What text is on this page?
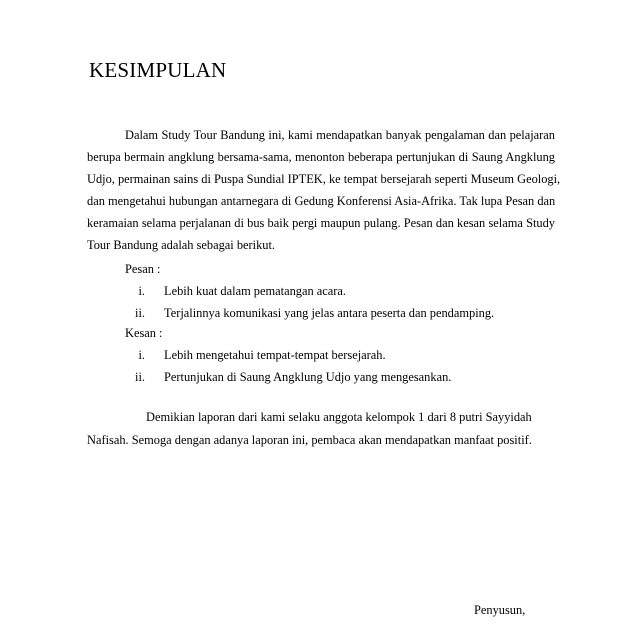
KESIMPULAN
Dalam Study Tour Bandung ini, kami mendapatkan banyak pengalaman dan pelajaran
berupa bermain angklung bersama-sama, menonton beberapa pertunjukan di Saung Angklung
Udjo, permainan sains di Puspa Sundial IPTEK, ke tempat bersejarah seperti Museum Geologi,
dan mengetahui hubungan antarnegara di Gedung Konferensi Asia-Afrika. Tak lupa Pesan dan
keramaian selama perjalanan di bus baik pergi maupun pulang. Pesan dan kesan selama Study
Tour Bandung adalah sebagai berikut.
Pesan :
i. Lebih kuat dalam pematangan acara.
ii. Terjalinnya komunikasi yang jelas antara peserta dan pendamping.
Kesan :
i. Lebih mengetahui tempat-tempat bersejarah.
ii. Pertunjukan di Saung Angklung Udjo yang mengesankan.
Demikian laporan dari kami selaku anggota kelompok 1 dari 8 putri Sayyidah
Nafisah. Semoga dengan adanya laporan ini, pembaca akan mendapatkan manfaat positif.
Penyusun,
